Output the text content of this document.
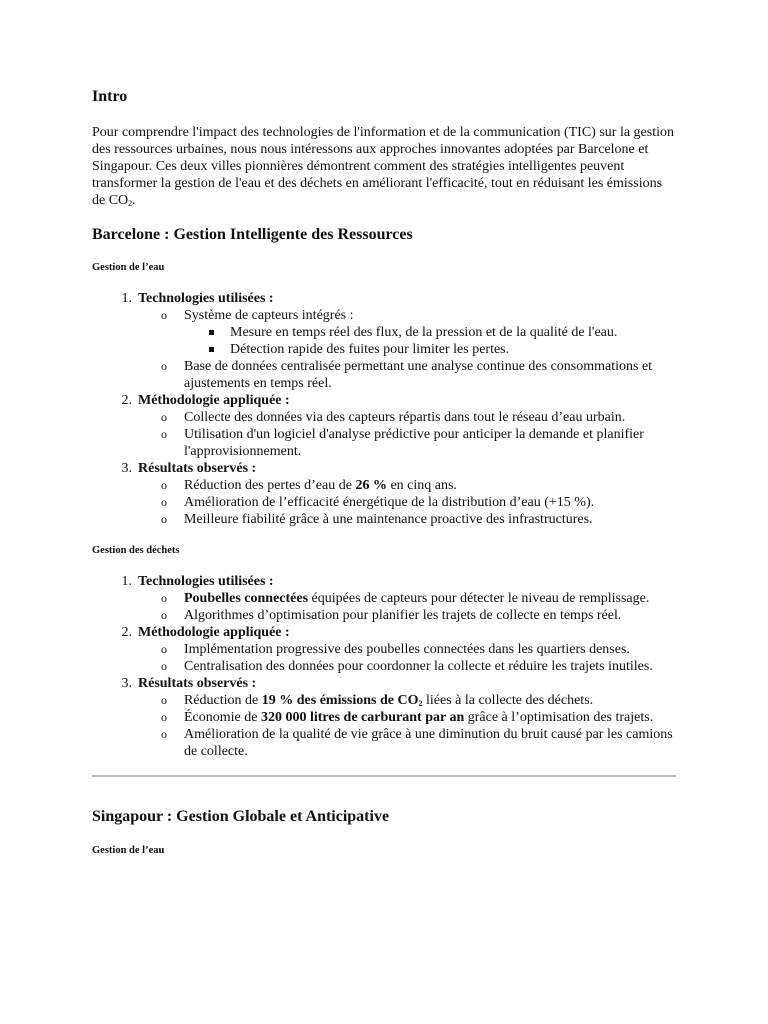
Intro

Pour comprendre l'impact des technologies de l'information et de la communication (TIC) sur la gestion des ressources urbaines, nous nous intéressons aux approches innovantes adoptées par Barcelone et Singapour. Ces deux villes pionnières démontrent comment des stratégies intelligentes peuvent transformer la gestion de l'eau et des déchets en améliorant l'efficacité, tout en réduisant les émissions de $CO_2$.

Barcelone : Gestion Intelligente des Ressources
Gestion de l’eau
1. Technologies utilisées :
o Système de capteurs intégrés :
Mesure en temps réel des flux, de la pression et de la qualité de l'eau.
Détection rapide des fuites pour limiter les pertes.
o Base de données centralisée permettant une analyse continue des consommations et ajustements en temps réel.
2. Méthodologie appliquée :
o Collecte des données via des capteurs répartis dans tout le réseau d’eau urbain.
o Utilisation d'un logiciel d'analyse prédictive pour anticiper la demande et planifier l'approvisionnement.
3. Résultats observés :
o Réduction des pertes d’eau de 26 % en cinq ans.
o Amélioration de l’efficacité énergétique de la distribution d’eau (+15 %).
o Meilleure fiabilité grâce à une maintenance proactive des infrastructures.
Gestion des déchets
1. Technologies utilisées :
o Poubelles connectées équipées de capteurs pour détecter le niveau de remplissage.
o Algorithmes d’optimisation pour planifier les trajets de collecte en temps réel.
2. Méthodologie appliquée :
o Implémentation progressive des poubelles connectées dans les quartiers denses.
o Centralisation des données pour coordonner la collecte et réduire les trajets inutiles.
3. Résultats observés :
o Réduction de 19 % des émissions de $CO_2$ liées à la collecte des déchets.
o Économie de 320 000 litres de carburant par an grâce à l’optimisation des trajets.
o Amélioration de la qualité de vie grâce à une diminution du bruit causé par les camions de collecte.
Singapour : Gestion Globale et Anticipative
Gestion de l’eau
